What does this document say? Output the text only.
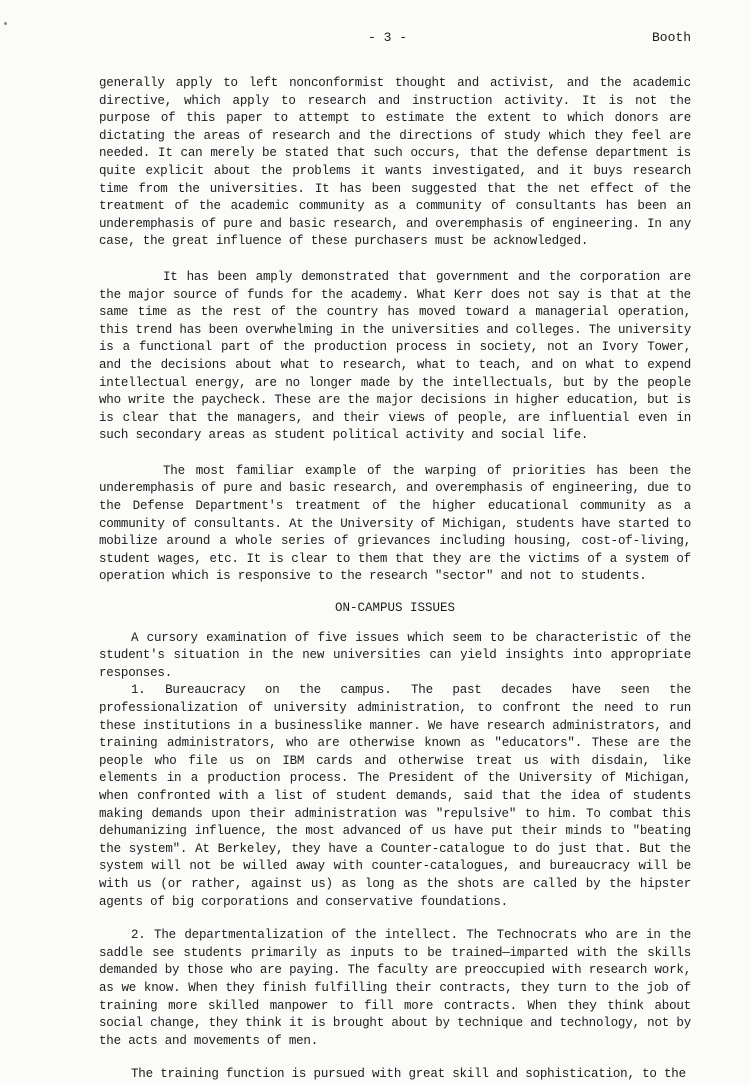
- 3 -	Booth

generally apply to left nonconformist thought and activist, and the academic directive, which apply to research and instruction activity. It is not the purpose of this paper to attempt to estimate the extent to which donors are dictating the areas of research and the directions of study which they feel are needed. It can merely be stated that such occurs, that the defense department is quite explicit about the problems it wants investigated, and it buys research time from the universities. It has been suggested that the net effect of the treatment of the academic community as a community of consultants has been an underemphasis of pure and basic research, and overemphasis of engineering. In any case, the great influence of these purchasers must be acknowledged.

It has been amply demonstrated that government and the corporation are the major source of funds for the academy. What Kerr does not say is that at the same time as the rest of the country has moved toward a managerial operation, this trend has been overwhelming in the universities and colleges. The university is a functional part of the production process in society, not an Ivory Tower, and the decisions about what to research, what to teach, and on what to expend intellectual energy, are no longer made by the intellectuals, but by the people who write the paycheck. These are the major decisions in higher education, but is is clear that the managers, and their views of people, are influential even in such secondary areas as student political activity and social life.

The most familiar example of the warping of priorities has been the underemphasis of pure and basic research, and overemphasis of engineering, due to the Defense Department's treatment of the higher educational community as a community of consultants. At the University of Michigan, students have started to mobilize around a whole series of grievances including housing, cost-of-living, student wages, etc. It is clear to them that they are the victims of a system of operation which is responsive to the research "sector" and not to students.

ON-CAMPUS ISSUES

A cursory examination of five issues which seem to be characteristic of the student's situation in the new universities can yield insights into appropriate responses.

1. Bureaucracy on the campus. The past decades have seen the professionalization of university administration, to confront the need to run these institutions in a businesslike manner. We have research administrators, and training administrators, who are otherwise known as "educators". These are the people who file us on IBM cards and otherwise treat us with disdain, like elements in a production process. The President of the University of Michigan, when confronted with a list of student demands, said that the idea of students making demands upon their administration was "repulsive" to him. To combat this dehumanizing influence, the most advanced of us have put their minds to "beating the system". At Berkeley, they have a Counter-catalogue to do just that. But the system will not be willed away with counter-catalogues, and bureaucracy will be with us (or rather, against us) as long as the shots are called by the hipster agents of big corporations and conservative foundations.

2. The departmentalization of the intellect. The Technocrats who are in the saddle see students primarily as inputs to be trained—imparted with the skills demanded by those who are paying. The faculty are preoccupied with research work, as we know. When they finish fulfilling their contracts, they turn to the job of training more skilled manpower to fill more contracts. When they think about social change, they think it is brought about by technique and technology, not by the acts and movements of men.

The training function is pursued with great skill and sophistication, to the
